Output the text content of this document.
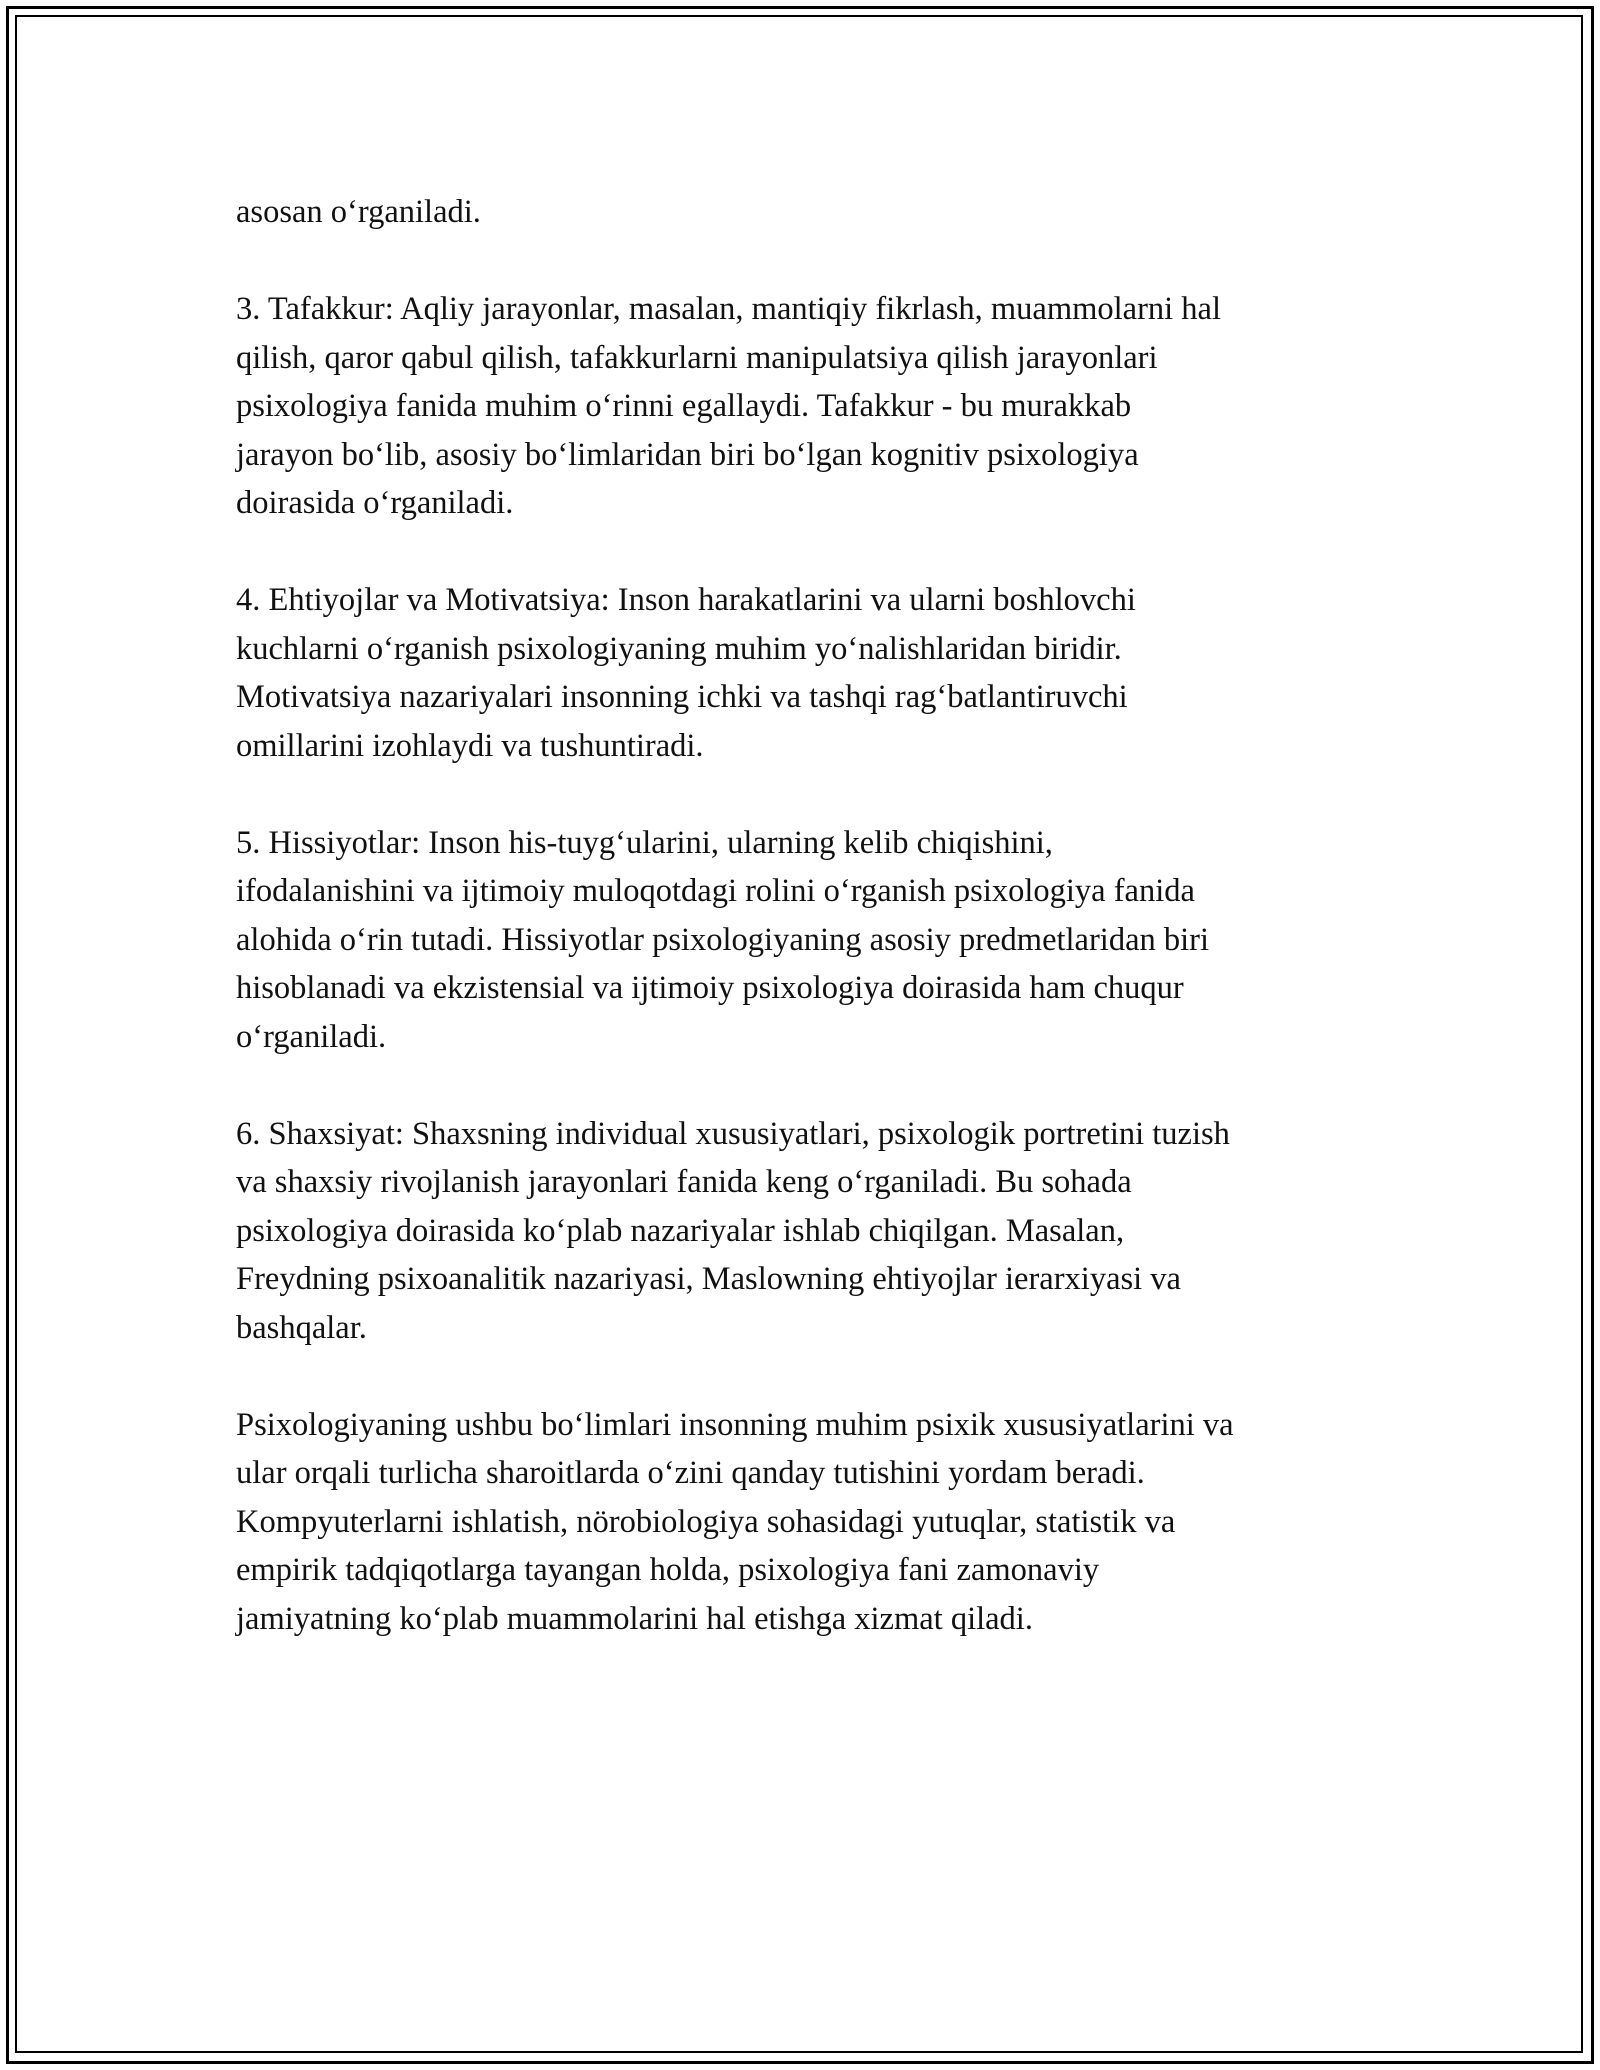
asosan o‘rganiladi.

3. Tafakkur: Aqliy jarayonlar, masalan, mantiqiy fikrlash, muammolarni hal
qilish, qaror qabul qilish, tafakkurlarni manipulatsiya qilish jarayonlari
psixologiya fanida muhim o‘rinni egallaydi. Tafakkur - bu murakkab
jarayon bo‘lib, asosiy bo‘limlaridan biri bo‘lgan kognitiv psixologiya
doirasida o‘rganiladi.

4. Ehtiyojlar va Motivatsiya: Inson harakatlarini va ularni boshlovchi
kuchlarni o‘rganish psixologiyaning muhim yo‘nalishlaridan biridir.
Motivatsiya nazariyalari insonning ichki va tashqi rag‘batlantiruvchi
omillarini izohlaydi va tushuntiradi.

5. Hissiyotlar: Inson his-tuyg‘ularini, ularning kelib chiqishini,
ifodalanishini va ijtimoiy muloqotdagi rolini o‘rganish psixologiya fanida
alohida o‘rin tutadi. Hissiyotlar psixologiyaning asosiy predmetlaridan biri
hisoblanadi va ekzistensial va ijtimoiy psixologiya doirasida ham chuqur
o‘rganiladi.

6. Shaxsiyat: Shaxsning individual xususiyatlari, psixologik portretini tuzish
va shaxsiy rivojlanish jarayonlari fanida keng o‘rganiladi. Bu sohada
psixologiya doirasida ko‘plab nazariyalar ishlab chiqilgan. Masalan,
Freydning psixoanalitik nazariyasi, Maslowning ehtiyojlar ierarxiyasi va
bashqalar.

Psixologiyaning ushbu bo‘limlari insonning muhim psixik xususiyatlarini va
ular orqali turlicha sharoitlarda o‘zini qanday tutishini yordam beradi.
Kompyuterlarni ishlatish, nörobiologiya sohasidagi yutuqlar, statistik va
empirik tadqiqotlarga tayangan holda, psixologiya fani zamonaviy
jamiyatning ko‘plab muammolarini hal etishga xizmat qiladi.
